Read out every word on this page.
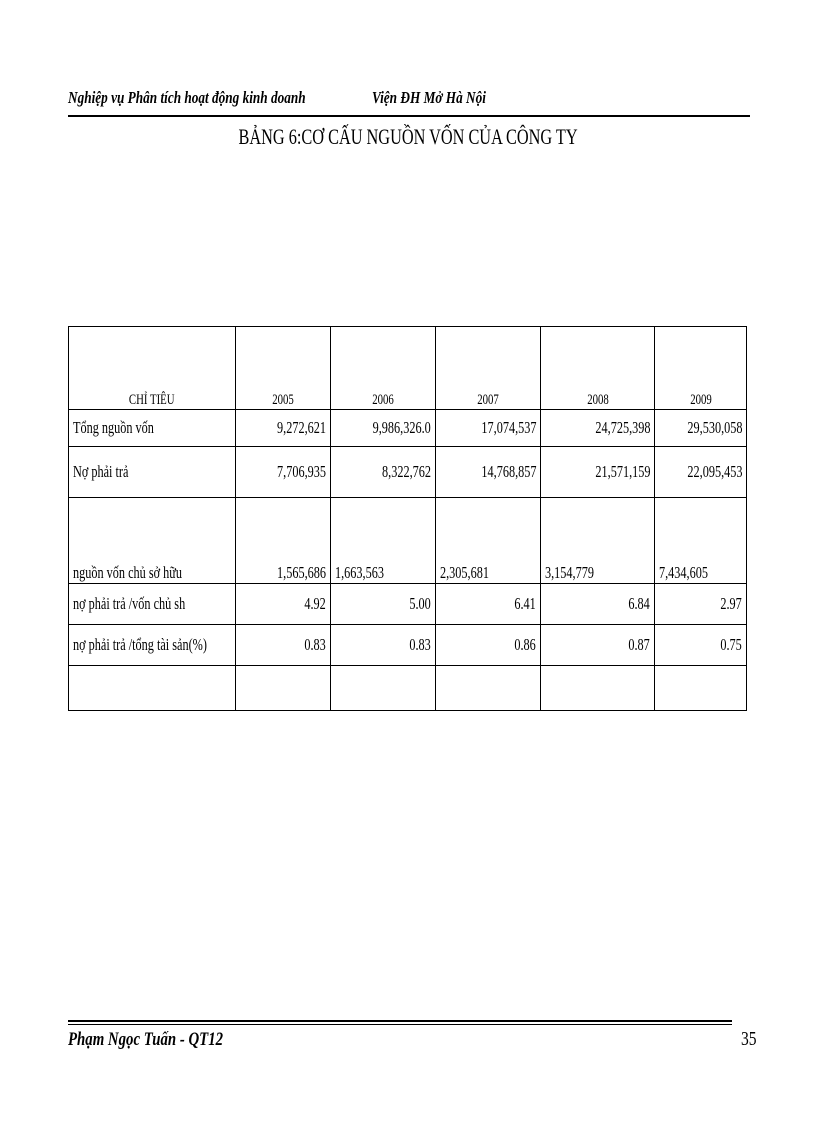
Nghiệp vụ Phân tích hoạt động kinh doanh	Viện ĐH Mở Hà Nội
BẢNG 6:CƠ CẤU NGUỒN VỐN CỦA CÔNG TY
CHỈ TIÊU	2005	2006	2007	2008	2009
Tổng nguồn vốn	9,272,621	9,986,326.0	17,074,537	24,725,398	29,530,058
Nợ phải trả	7,706,935	8,322,762	14,768,857	21,571,159	22,095,453
nguồn vốn chủ sở hữu	1,565,686	1,663,563	2,305,681	3,154,779	7,434,605
nợ phải trả /vốn chủ sh	4.92	5.00	6.41	6.84	2.97
nợ phải trả /tổng tài sản(%)	0.83	0.83	0.86	0.87	0.75

Phạm Ngọc Tuấn - QT12	35
